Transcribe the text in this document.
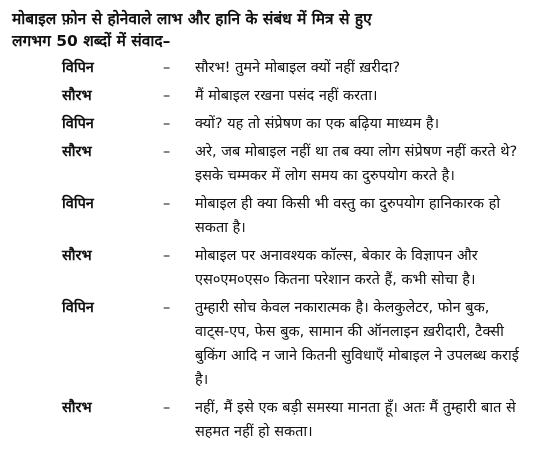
मोबाइल फ़ोन से होनेवाले लाभ और हानि के संबंध में मित्र से हुए
लगभग 50 शब्दों में संवाद–
विपिन	–	सौरभ! तुमने मोबाइल क्यों नहीं ख़रीदा?
सौरभ	–	मैं मोबाइल रखना पसंद नहीं करता।
विपिन	–	क्यों? यह तो संप्रेषण का एक बढ़िया माध्यम है।
सौरभ	–	अरे, जब मोबाइल नहीं था तब क्या लोग संप्रेषण नहीं करते थे? इसके चम्मकर में लोग समय का दुरुपयोग करते है।
विपिन	–	मोबाइल ही क्या किसी भी वस्तु का दुरुपयोग हानिकारक हो सकता है।
सौरभ	–	मोबाइल पर अनावश्यक कॉल्स, बेकार के विज्ञापन और एस०एम०एस० कितना परेशान करते हैं, कभी सोचा है।
विपिन	–	तुम्हारी सोच केवल नकारात्मक है। केलकुलेटर, फोन बुक, वाट्स-एप, फेस बुक, सामान की ऑनलाइन ख़रीदारी, टैक्सी बुकिंग आदि न जाने कितनी सुविधाएँ मोबाइल ने उपलब्ध कराई है।
सौरभ	–	नहीं, मैं इसे एक बड़ी समस्या मानता हूँ। अतः मैं तुम्हारी बात से सहमत नहीं हो सकता।
